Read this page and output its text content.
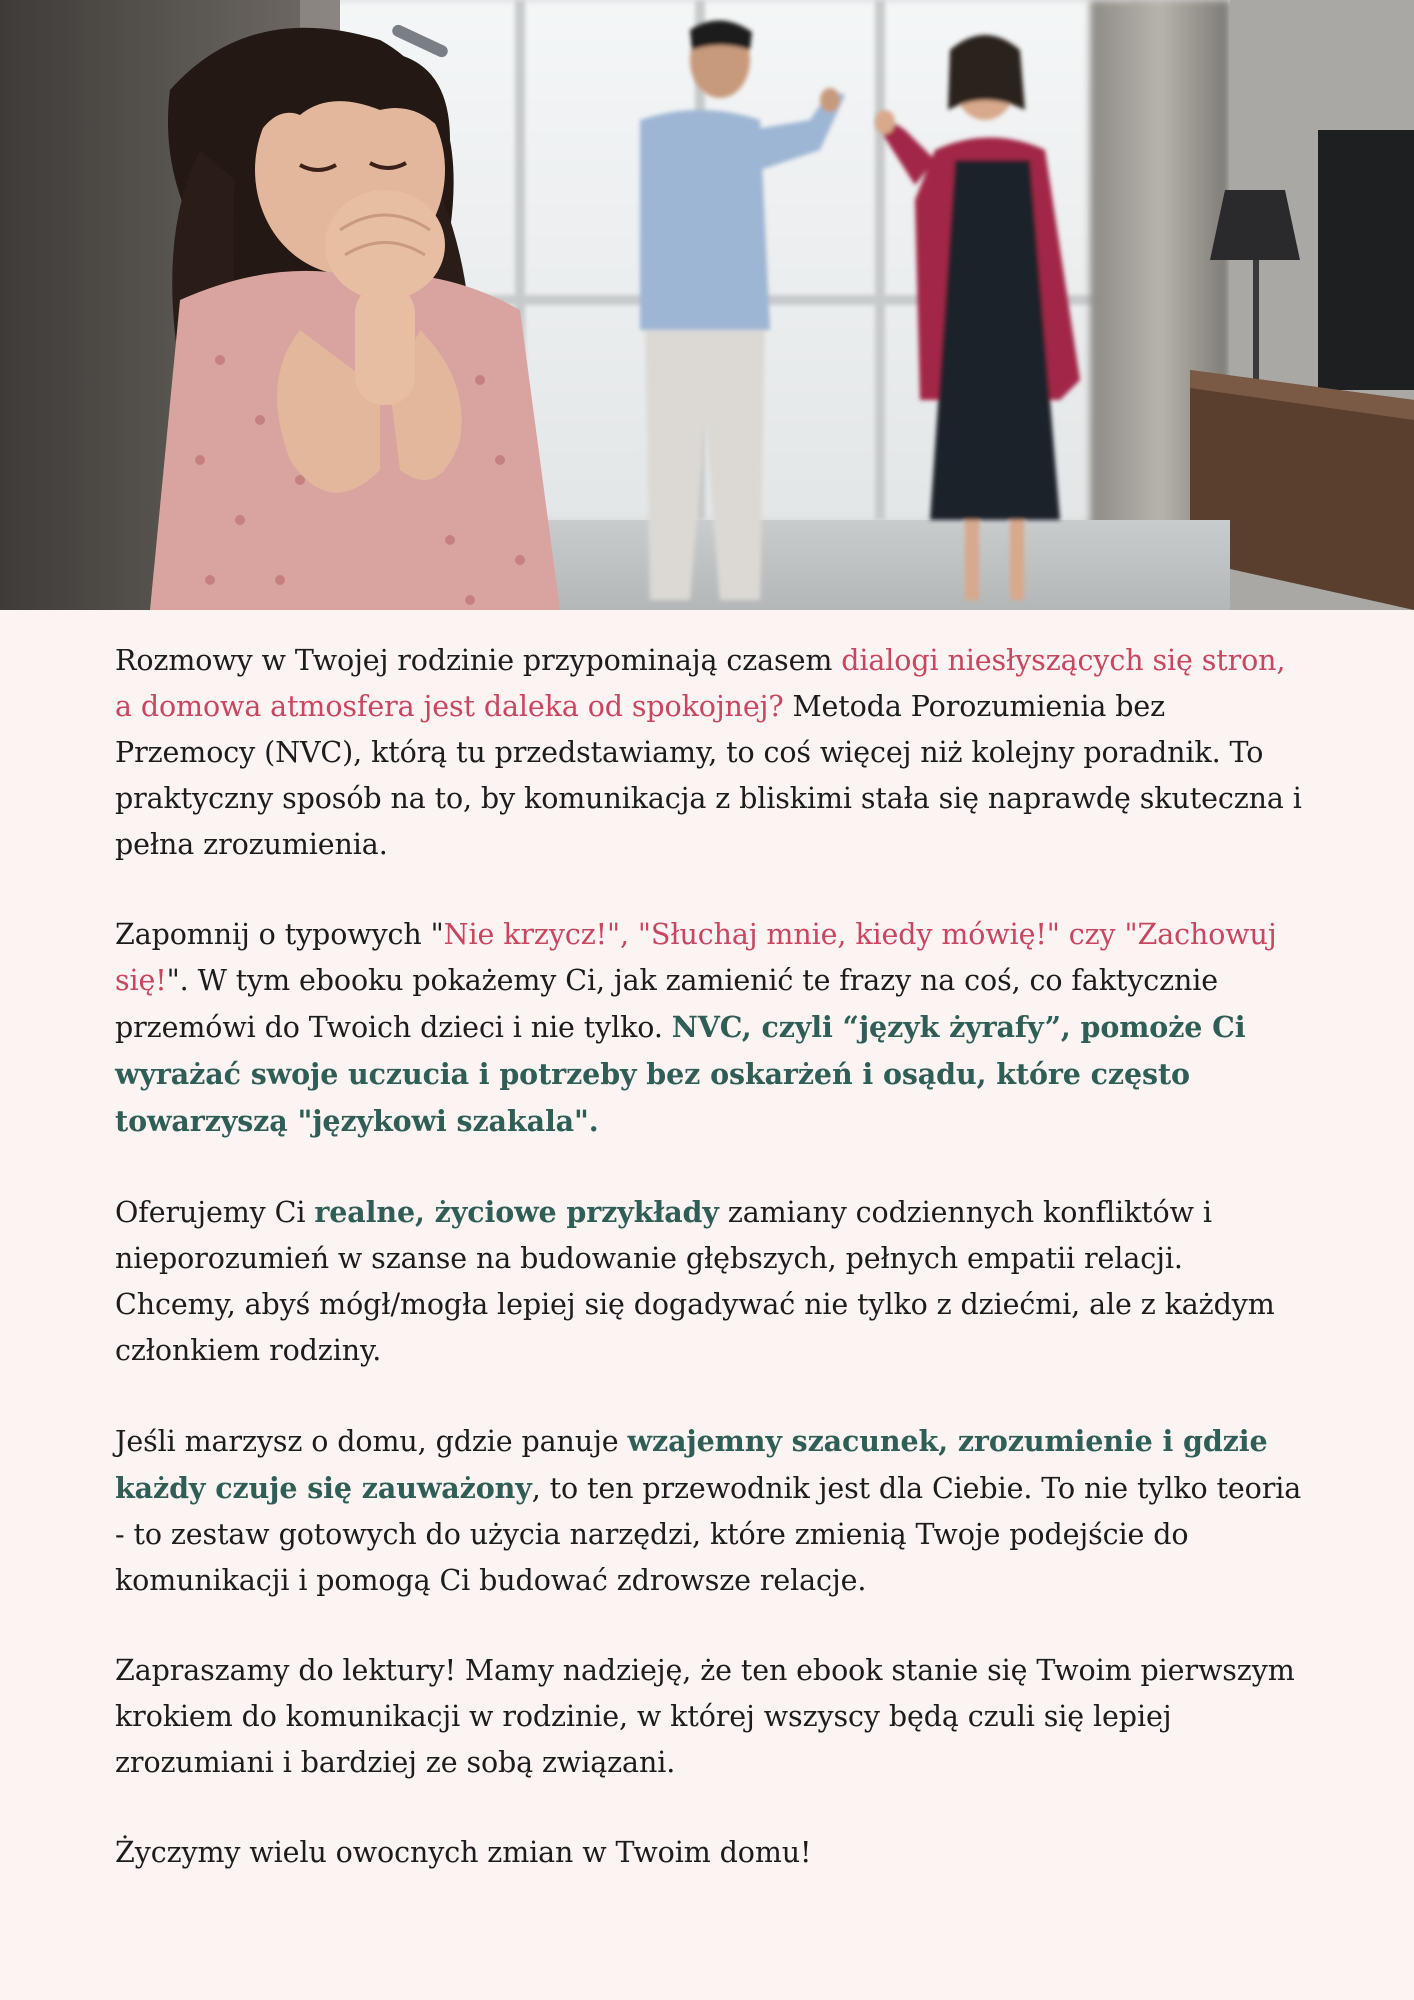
Rozmowy w Twojej rodzinie przypominają czasem dialogi niesłyszących się stron, a domowa atmosfera jest daleka od spokojnej? Metoda Porozumienia bez Przemocy (NVC), którą tu przedstawiamy, to coś więcej niż kolejny poradnik. To praktyczny sposób na to, by komunikacja z bliskimi stała się naprawdę skuteczna i pełna zrozumienia.

Zapomnij o typowych "Nie krzycz!", "Słuchaj mnie, kiedy mówię!" czy "Zachowuj się!". W tym ebooku pokażemy Ci, jak zamienić te frazy na coś, co faktycznie przemówi do Twoich dzieci i nie tylko. NVC, czyli “język żyrafy”, pomoże Ci wyrażać swoje uczucia i potrzeby bez oskarżeń i osądu, które często towarzyszą "językowi szakala".

Oferujemy Ci realne, życiowe przykłady zamiany codziennych konfliktów i nieporozumień w szanse na budowanie głębszych, pełnych empatii relacji. Chcemy, abyś mógł/mogła lepiej się dogadywać nie tylko z dziećmi, ale z każdym członkiem rodziny.

Jeśli marzysz o domu, gdzie panuje wzajemny szacunek, zrozumienie i gdzie każdy czuje się zauważony, to ten przewodnik jest dla Ciebie. To nie tylko teoria - to zestaw gotowych do użycia narzędzi, które zmienią Twoje podejście do komunikacji i pomogą Ci budować zdrowsze relacje.

Zapraszamy do lektury! Mamy nadzieję, że ten ebook stanie się Twoim pierwszym krokiem do komunikacji w rodzinie, w której wszyscy będą czuli się lepiej zrozumiani i bardziej ze sobą związani.

Życzymy wielu owocnych zmian w Twoim domu!
